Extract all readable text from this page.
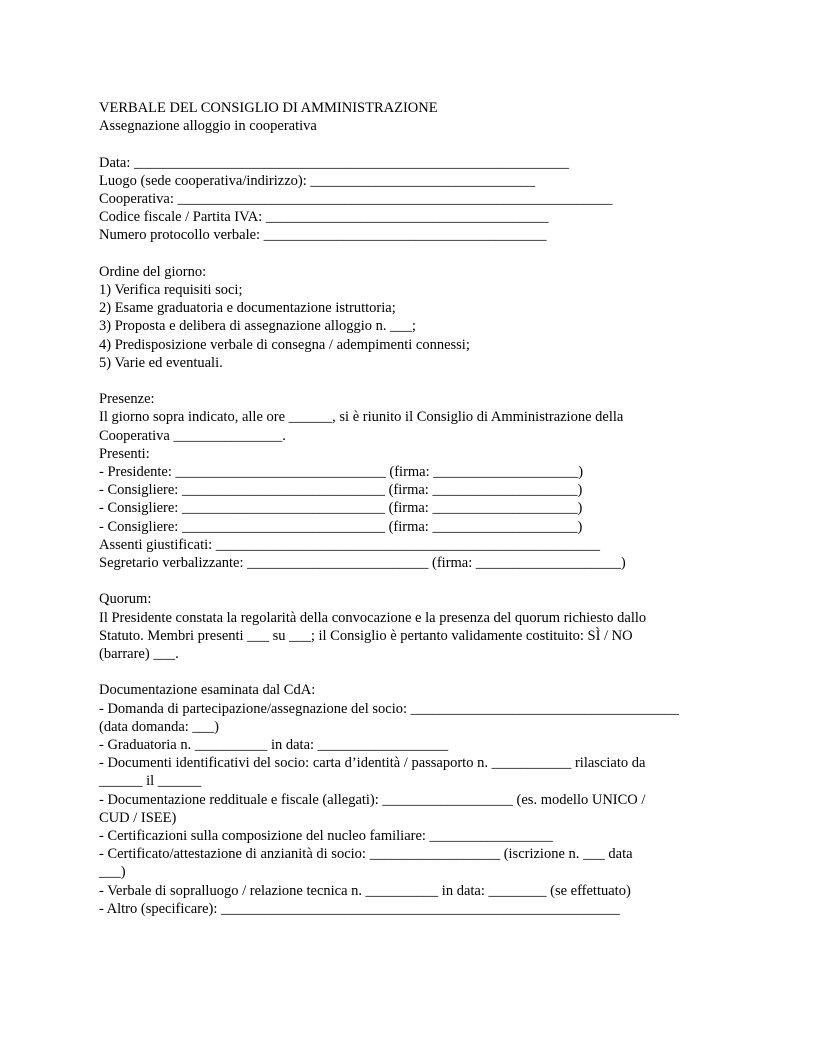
VERBALE DEL CONSIGLIO DI AMMINISTRAZIONE
Assegnazione alloggio in cooperativa
Data: ____________________________________________________________
Luogo (sede cooperativa/indirizzo): _______________________________
Cooperativa: ____________________________________________________________
Codice fiscale / Partita IVA: _______________________________________
Numero protocollo verbale: _______________________________________
Ordine del giorno:
1) Verifica requisiti soci;
2) Esame graduatoria e documentazione istruttoria;
3) Proposta e delibera di assegnazione alloggio n. ___;
4) Predisposizione verbale di consegna / adempimenti connessi;
5) Varie ed eventuali.
Presenze:
Il giorno sopra indicato, alle ore ______, si è riunito il Consiglio di Amministrazione della
Cooperativa _______________.
Presenti:
- Presidente: _____________________________ (firma: ____________________)
- Consigliere: ____________________________ (firma: ____________________)
- Consigliere: ____________________________ (firma: ____________________)
- Consigliere: ____________________________ (firma: ____________________)
Assenti giustificati: _____________________________________________________
Segretario verbalizzante: _________________________ (firma: ____________________)
Quorum:
Il Presidente constata la regolarità della convocazione e la presenza del quorum richiesto dallo
Statuto. Membri presenti ___ su ___; il Consiglio è pertanto validamente costituito: SÌ / NO
(barrare) ___.
Documentazione esaminata dal CdA:
- Domanda di partecipazione/assegnazione del socio: _____________________________________
(data domanda: ___)
- Graduatoria n. __________ in data: __________________
- Documenti identificativi del socio: carta d’identità / passaporto n. ___________ rilasciato da
______ il ______
- Documentazione reddituale e fiscale (allegati): __________________ (es. modello UNICO /
CUD / ISEE)
- Certificazioni sulla composizione del nucleo familiare: _________________
- Certificato/attestazione di anzianità di socio: __________________ (iscrizione n. ___ data
___)
- Verbale di sopralluogo / relazione tecnica n. __________ in data: ________ (se effettuato)
- Altro (specificare): _______________________________________________________
